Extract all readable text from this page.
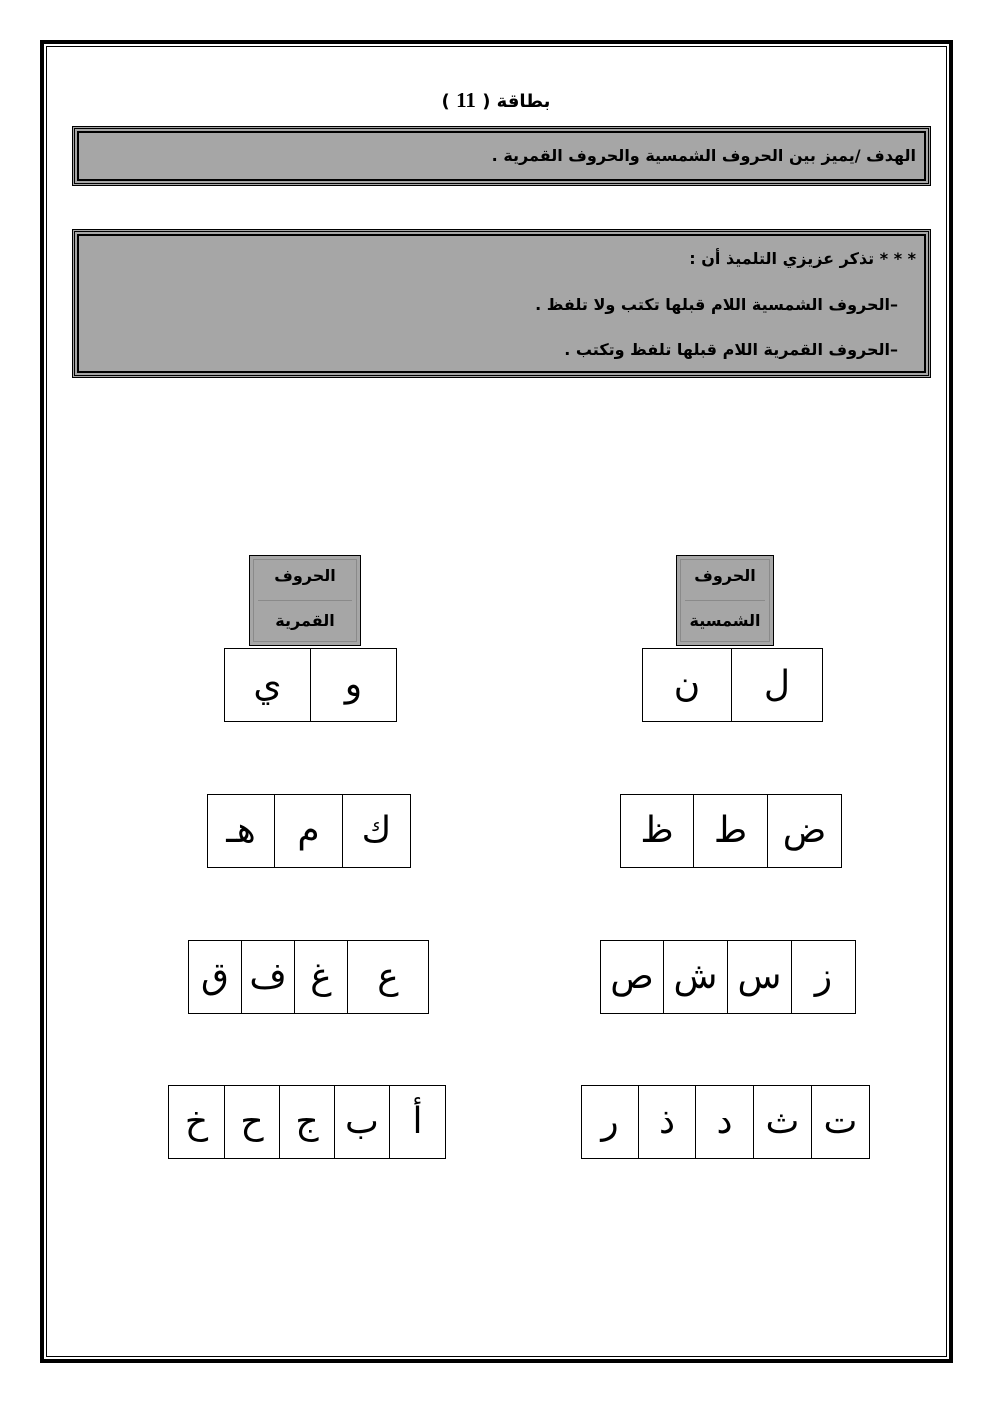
بطاقة ( 11 )
الهدف /يميز بين الحروف الشمسية والحروف القمرية .
* * * تذكر عزيزي التلميذ أن :
–الحروف الشمسية اللام قبلها تكتب ولا تلفظ .
–الحروف القمرية اللام قبلها تلفظ وتكتب .
الحروف
القمرية
الحروف
الشمسية
و
ي
ك
م
هـ
ع
غ
ف
ق
أ
ب
ج
ح
خ
ل
ن
ض
ط
ظ
ز
س
ش
ص
ت
ث
د
ذ
ر
